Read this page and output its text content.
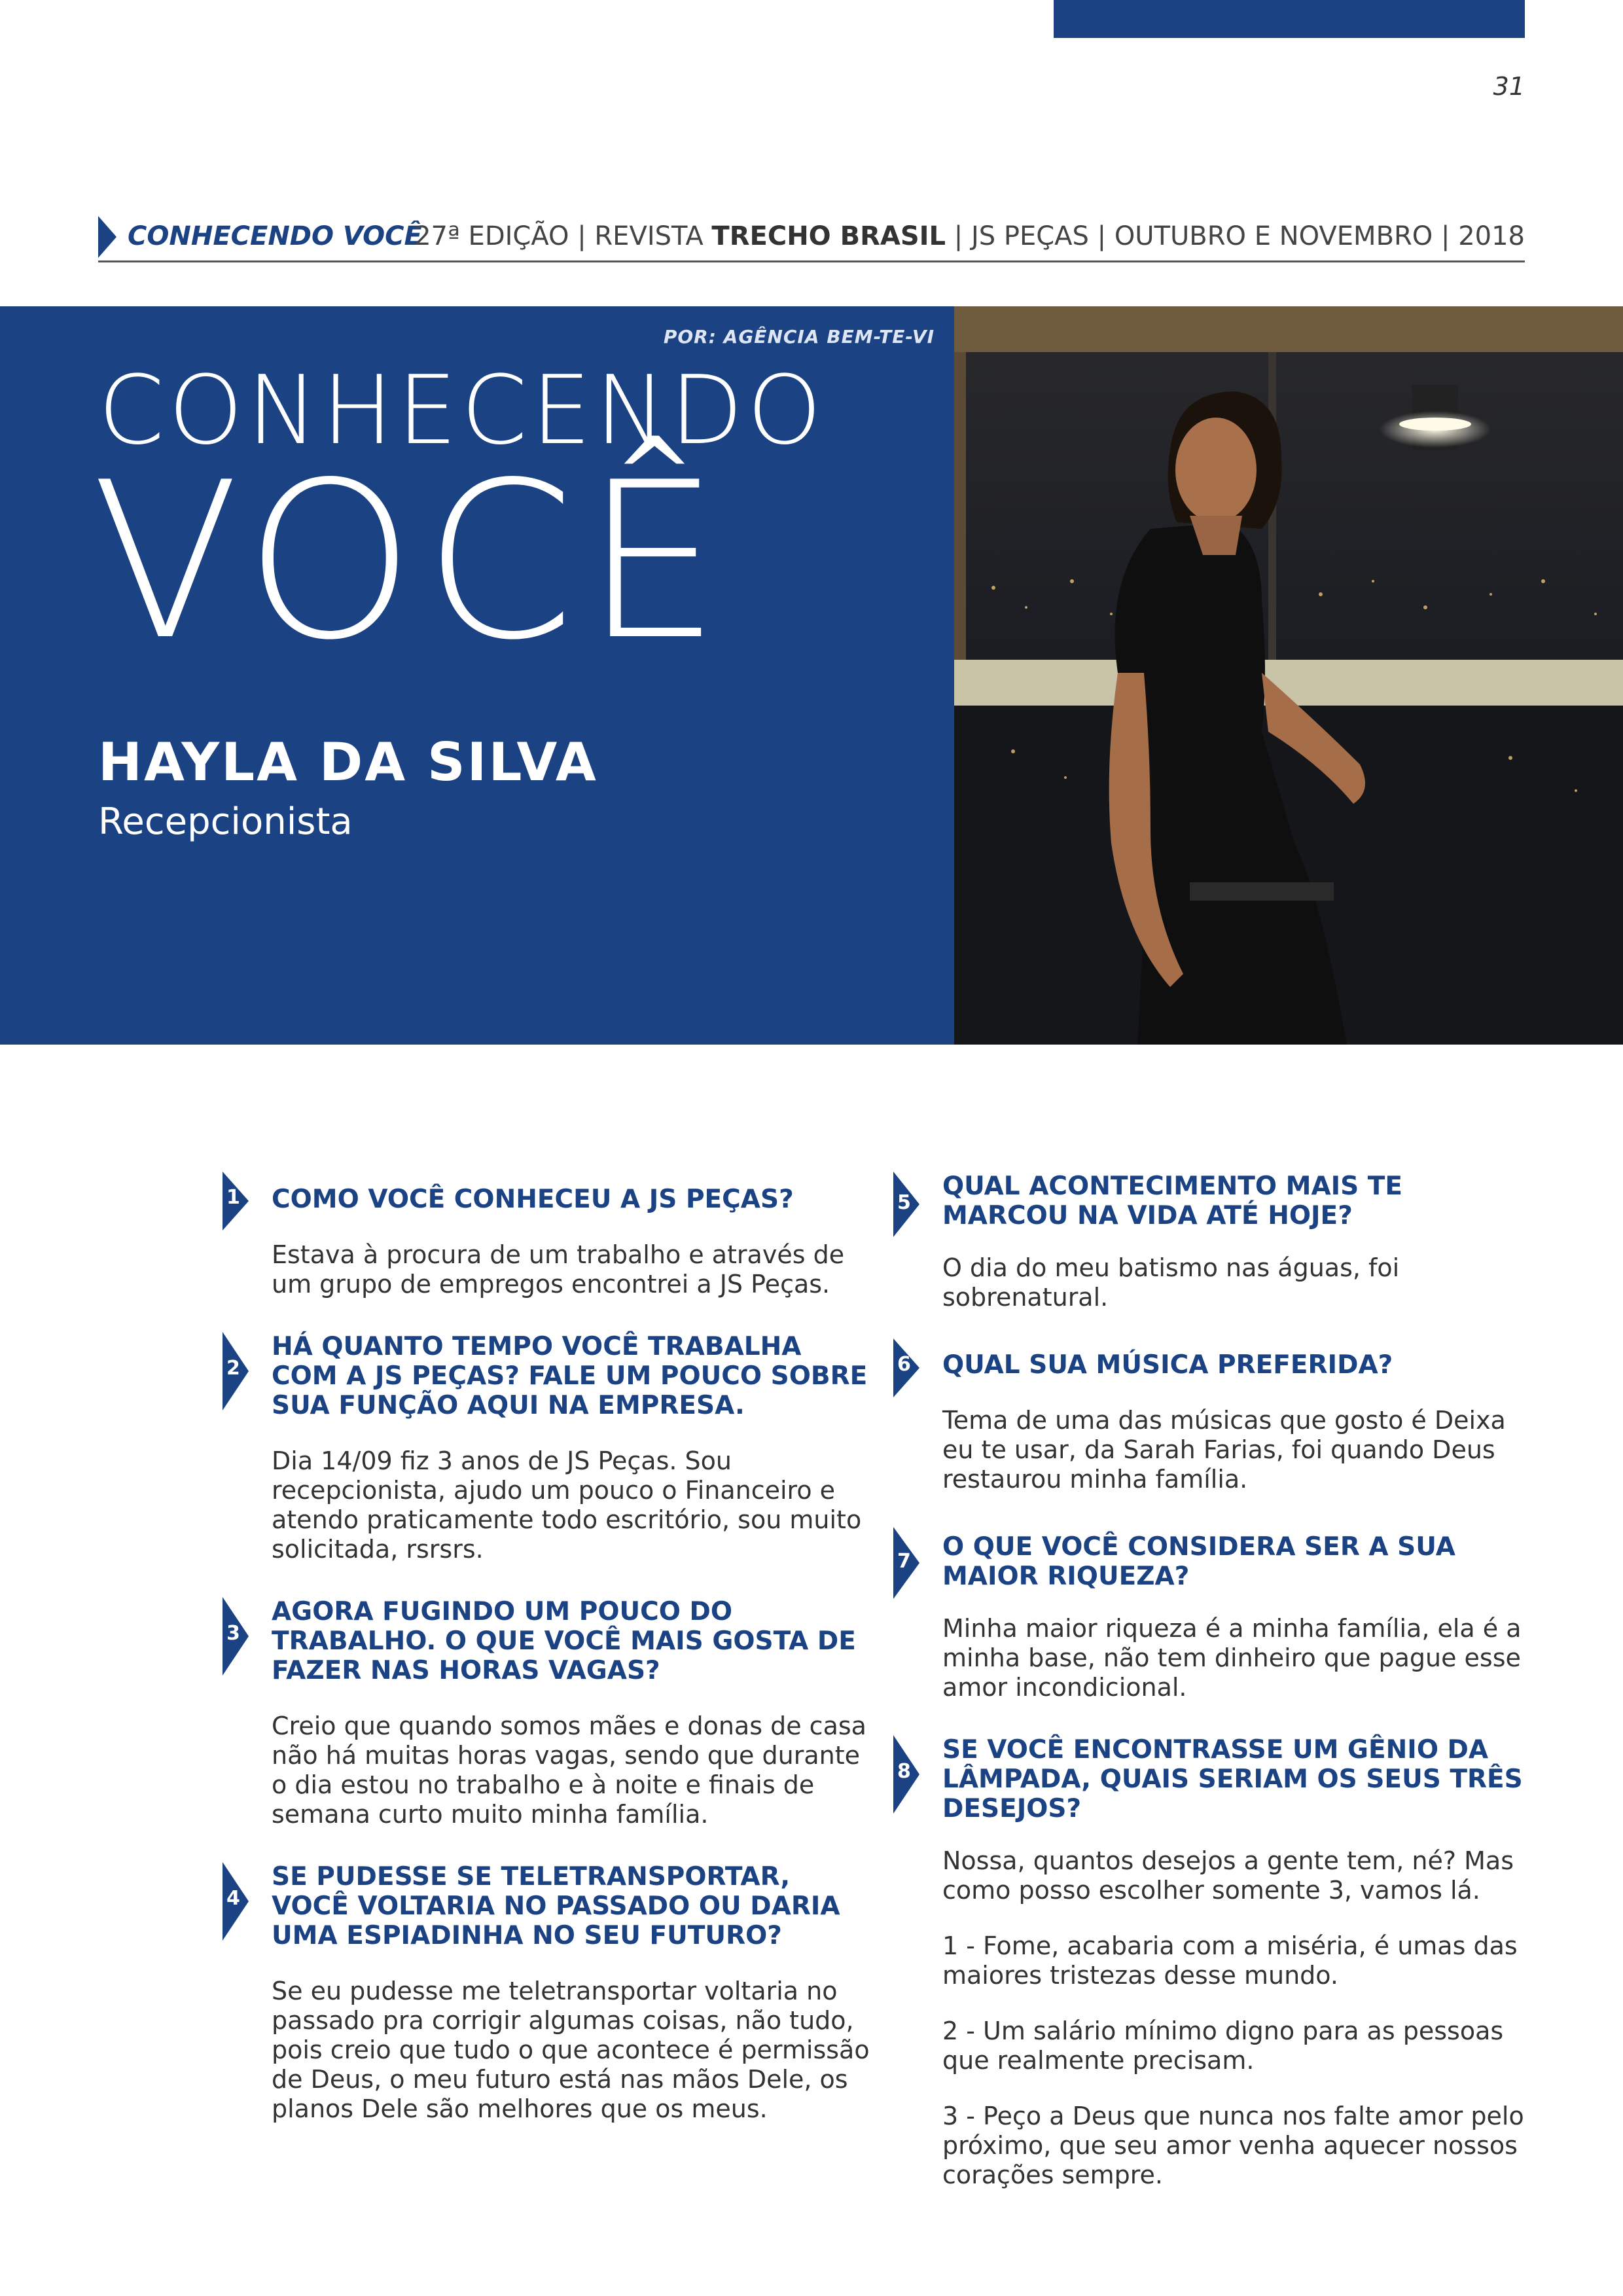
31
CONHECENDO VOCÊ
27ª EDIÇÃO | REVISTA TRECHO BRASIL | JS PEÇAS | OUTUBRO E NOVEMBRO | 2018
POR: AGÊNCIA BEM-TE-VI
CONHECENDO
VOCÊ
HAYLA DA SILVA
Recepcionista
1 COMO VOCÊ CONHECEU A JS PEÇAS?
Estava à procura de um trabalho e através de um grupo de empregos encontrei a JS Peças.
2
HÁ QUANTO TEMPO VOCÊ TRABALHA COM A JS PEÇAS? FALE UM POUCO SOBRE SUA FUNÇÃO AQUI NA EMPRESA.
Dia 14/09 fiz 3 anos de JS Peças. Sou recepcionista, ajudo um pouco o Financeiro e atendo praticamente todo escritório, sou muito solicitada, rsrsrs.
3
AGORA FUGINDO UM POUCO DO TRABALHO. O QUE VOCÊ MAIS GOSTA DE FAZER NAS HORAS VAGAS?
Creio que quando somos mães e donas de casa não há muitas horas vagas, sendo que durante o dia estou no trabalho e à noite e finais de semana curto muito minha família.
4
SE PUDESSE SE TELETRANSPORTAR, VOCÊ VOLTARIA NO PASSADO OU DARIA UMA ESPIADINHA NO SEU FUTURO?
Se eu pudesse me teletransportar voltaria no passado pra corrigir algumas coisas, não tudo, pois creio que tudo o que acontece é permissão de Deus, o meu futuro está nas mãos Dele, os planos Dele são melhores que os meus.
5
QUAL ACONTECIMENTO MAIS TE MARCOU NA VIDA ATÉ HOJE?
O dia do meu batismo nas águas, foi sobrenatural.
6 QUAL SUA MÚSICA PREFERIDA?
Tema de uma das músicas que gosto é Deixa eu te usar, da Sarah Farias, foi quando Deus restaurou minha família.
7 O QUE VOCÊ CONSIDERA SER A SUA MAIOR RIQUEZA?
Minha maior riqueza é a minha família, ela é a minha base, não tem dinheiro que pague esse amor incondicional.
8
SE VOCÊ ENCONTRASSE UM GÊNIO DA LÂMPADA, QUAIS SERIAM OS SEUS TRÊS DESEJOS?
Nossa, quantos desejos a gente tem, né? Mas como posso escolher somente 3, vamos lá.
1 - Fome, acabaria com a miséria, é umas das maiores tristezas desse mundo.
2 - Um salário mínimo digno para as pessoas que realmente precisam.
3 - Peço a Deus que nunca nos falte amor pelo próximo, que seu amor venha aquecer nossos corações sempre.
